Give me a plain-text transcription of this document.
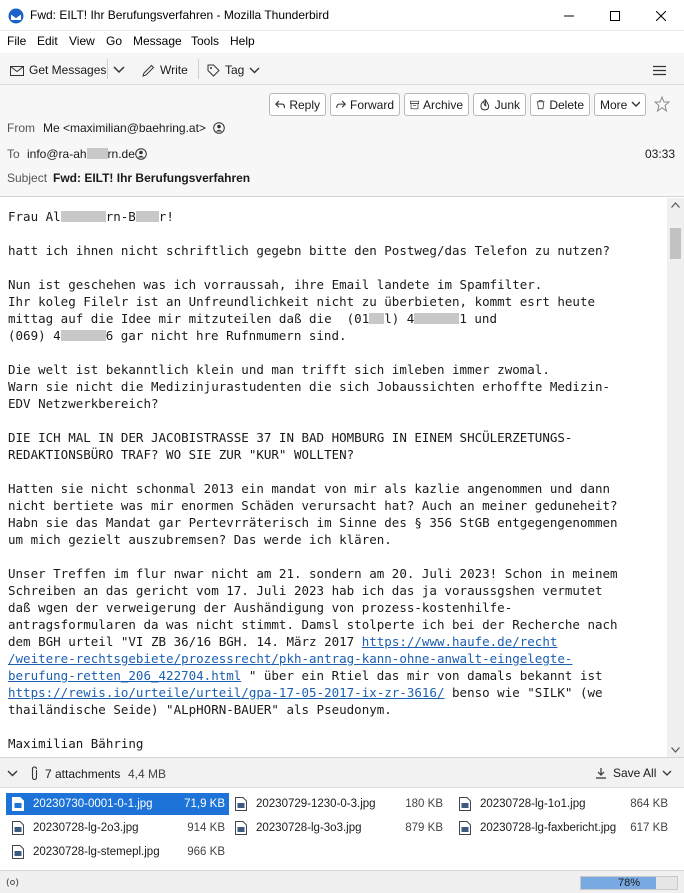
Fwd: EILT! Ihr Berufungsverfahren - Mozilla Thunderbird
File Edit View Go Message Tools Help
Get Messages	Write	Tag
Reply Forward Archive	Junk Delete More
From Me <maximilian@baehring.at>
To info@ra-ah rn.de	03:33
Subject Fwd: EILT! Ihr Berufungsverfahren
Frau Al	rn-B r!

hatt ich ihnen nicht schriftlich gegebn bitte den Postweg/das Telefon zu nutzen?

Nun ist geschehen was ich vorraussah, ihre Email landete im Spamfilter.
Ihr koleg Filelr ist an Unfreundlichkeit nicht zu überbieten, kommt esrt heute
mittag auf die Idee mir mitzuteilen daß die  (01 l) 4	1 und
(069) 4	6 gar nicht hre Rufnmumern sind.

Die welt ist bekanntlich klein und man trifft sich imleben immer zwomal.
Warn sie nicht die Medizinjurastudenten die sich Jobaussichten erhoffte Medizin-
EDV Netzwerkbereich?

DIE ICH MAL IN DER JACOBISTRASSE 37 IN BAD HOMBURG IN EINEM SHCÜLERZETUNGS-
REDAKTIONSBÜRO TRAF? WO SIE ZUR "KUR" WOLLTEN?

Hatten sie nicht schonmal 2013 ein mandat von mir als kazlie angenommen und dann
nicht bertiete was mir enormen Schäden verursacht hat? Auch an meiner geduneheit?
Habn sie das Mandat gar Pertevrräterisch im Sinne des § 356 StGB entgegengenommen
um mich gezielt auszubremsen? Das werde ich klären.

Unser Treffen im flur nwar nicht am 21. sondern am 20. Juli 2023! Schon in meinem
Schreiben an das gericht vom 17. Juli 2023 hab ich das ja voraussgshen vermutet
daß wgen der verweigerung der Aushändigung von prozess-kostenhilfe-
antragsformularen da was nicht stimmt. Damsl stolperte ich bei der Recherche nach
dem BGH urteil "VI ZB 36/16 BGH. 14. März 2017 https://www.haufe.de/recht
/weitere-rechtsgebiete/prozessrecht/pkh-antrag-kann-ohne-anwalt-eingelegte-
berufung-retten_206_422704.html " über ein Rtiel das mir von damals bekannt ist
https://rewis.io/urteile/urteil/gpa-17-05-2017-ix-zr-3616/ benso wie "SILK" (we
thailändische Seide) "ALpHORN-BAUER" als Pseudonym.

Maximilian Bähring
7 attachments 4,4 MB	Save All
20230730-0001-0-1.jpg	71,9 KB	20230729-1230-0-3.jpg	180 KB	20230728-lg-1o1.jpg	864 KB
20230728-lg-2o3.jpg	914 KB	20230728-lg-3o3.jpg	879 KB	20230728-lg-faxbericht.jpg 617 KB
20230728-lg-stemepl.jpg 966 KB
78%
